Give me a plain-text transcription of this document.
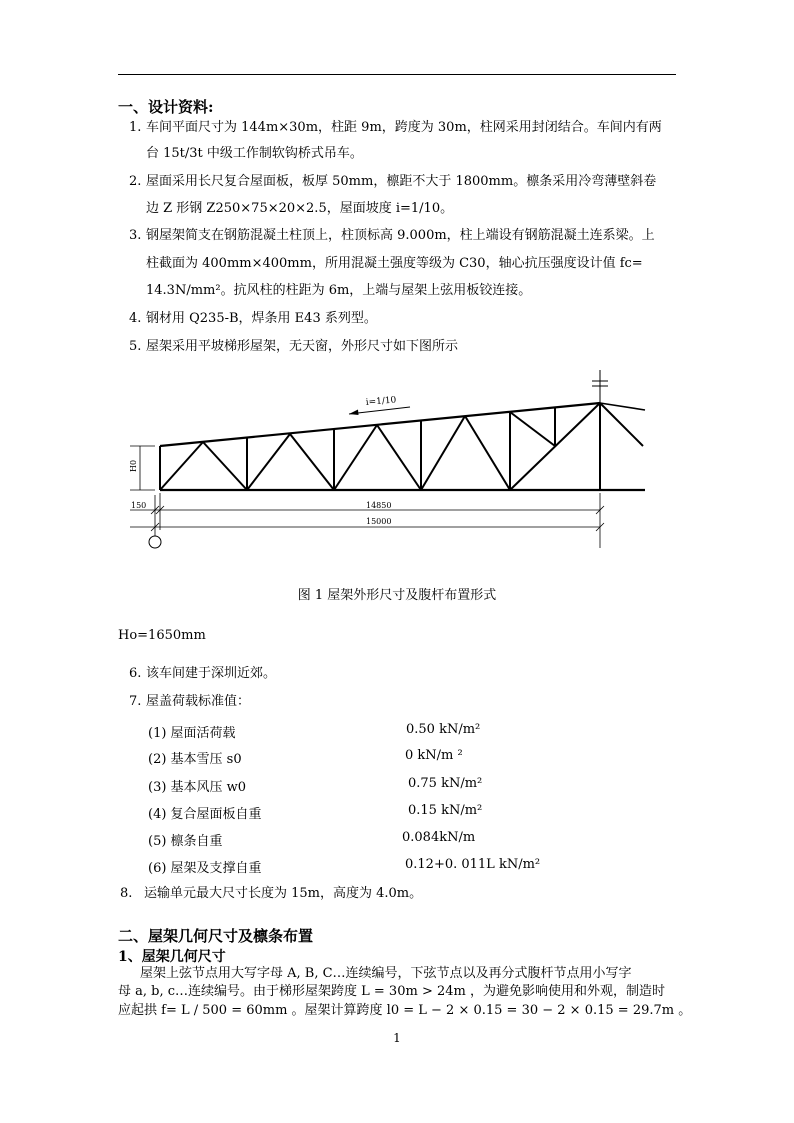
一、设计资料:
1. 车间平面尺寸为 144m×30m，柱距 9m，跨度为 30m，柱网采用封闭结合。车间内有两
台 15t/3t 中级工作制软钩桥式吊车。
2. 屋面采用长尺复合屋面板，板厚 50mm，檩距不大于 1800mm。檩条采用冷弯薄壁斜卷
边 Z 形钢 Z250×75×20×2.5，屋面坡度 i=1/10。
3. 钢屋架简支在钢筋混凝土柱顶上，柱顶标高 9.000m，柱上端设有钢筋混凝土连系梁。上
柱截面为 400mm×400mm，所用混凝土强度等级为 C30，轴心抗压强度设计值 fc=
14.3N/mm²。抗风柱的柱距为 6m，上端与屋架上弦用板铰连接。
4. 钢材用 Q235-B，焊条用 E43 系列型。
5. 屋架采用平坡梯形屋架，无天窗，外形尺寸如下图所示
i=1/10
H0
150	14850
15000
图 1 屋架外形尺寸及腹杆布置形式
Ho=1650mm
6. 该车间建于深圳近郊。
7. 屋盖荷载标准值：
(1) 屋面活荷载	0.50 kN/m²
(2) 基本雪压 s0	0 kN/m ²
(3) 基本风压 w0	0.75 kN/m²
(4) 复合屋面板自重	0.15 kN/m²
(5) 檩条自重	0.084kN/m
(6) 屋架及支撑自重	0.12+0. 011L kN/m²
8. 运输单元最大尺寸长度为 15m，高度为 4.0m。
二、屋架几何尺寸及檩条布置
1、屋架几何尺寸
屋架上弦节点用大写字母 A, B, C…连续编号，下弦节点以及再分式腹杆节点用小写字
母 a, b, c…连续编号。由于梯形屋架跨度 L = 30m > 24m ，为避免影响使用和外观，制造时
应起拱 f= L / 500 = 60mm 。屋架计算跨度 l0 = L − 2 × 0.15 = 30 − 2 × 0.15 = 29.7m 。
1
